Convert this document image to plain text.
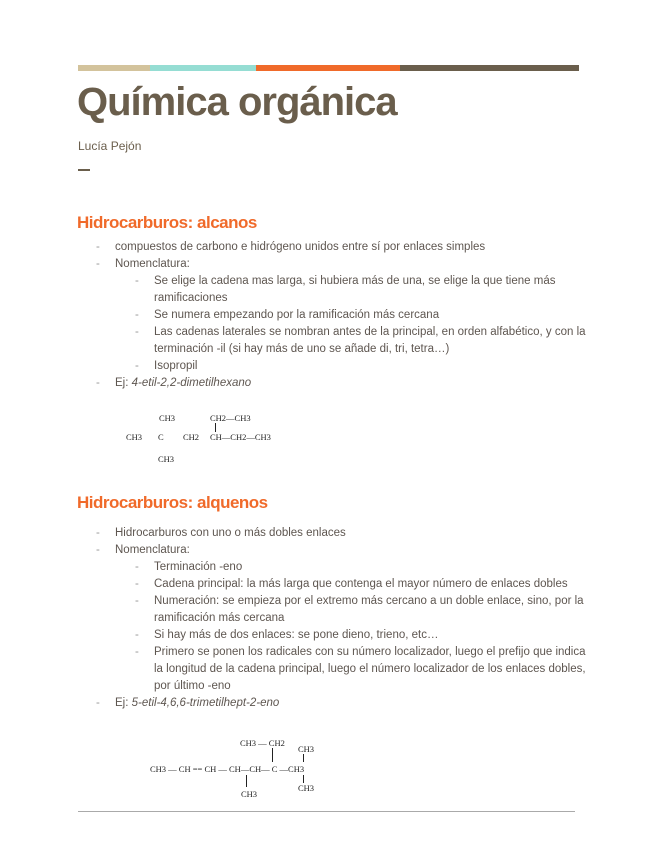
Química orgánica
Lucía Pejón
Hidrocarburos: alcanos
- compuestos de carbono e hidrógeno unidos entre sí por enlaces simples
- Nomenclatura:
- Se elige la cadena mas larga, si hubiera más de una, se elige la que tiene más ramificaciones
- Se numera empezando por la ramificación más cercana
- Las cadenas laterales se nombran antes de la principal, en orden alfabético, y con la terminación -il (si hay más de uno se añade di, tri, tetra…)
- Isopropil
- Ej: 4-etil-2,2-dimetilhexano
CH3	CH2—CH3
CH3 C CH2 CH—CH2—CH3
CH3
Hidrocarburos: alquenos
- Hidrocarburos con uno o más dobles enlaces
- Nomenclatura:
- Terminación -eno
- Cadena principal: la más larga que contenga el mayor número de enlaces dobles
- Numeración: se empieza por el extremo más cercano a un doble enlace, sino, por la ramificación más cercana
- Si hay más de dos enlaces: se pone dieno, trieno, etc…
- Primero se ponen los radicales con su número localizador, luego el prefijo que indica la longitud de la cadena principal, luego el número localizador de los enlaces dobles, por último -eno
- Ej: 5-etil-4,6,6-trimetilhept-2-eno
CH3 — CH2
CH3
CH3 — CH == CH — CH—CH— C —CH3
CH3
CH3
